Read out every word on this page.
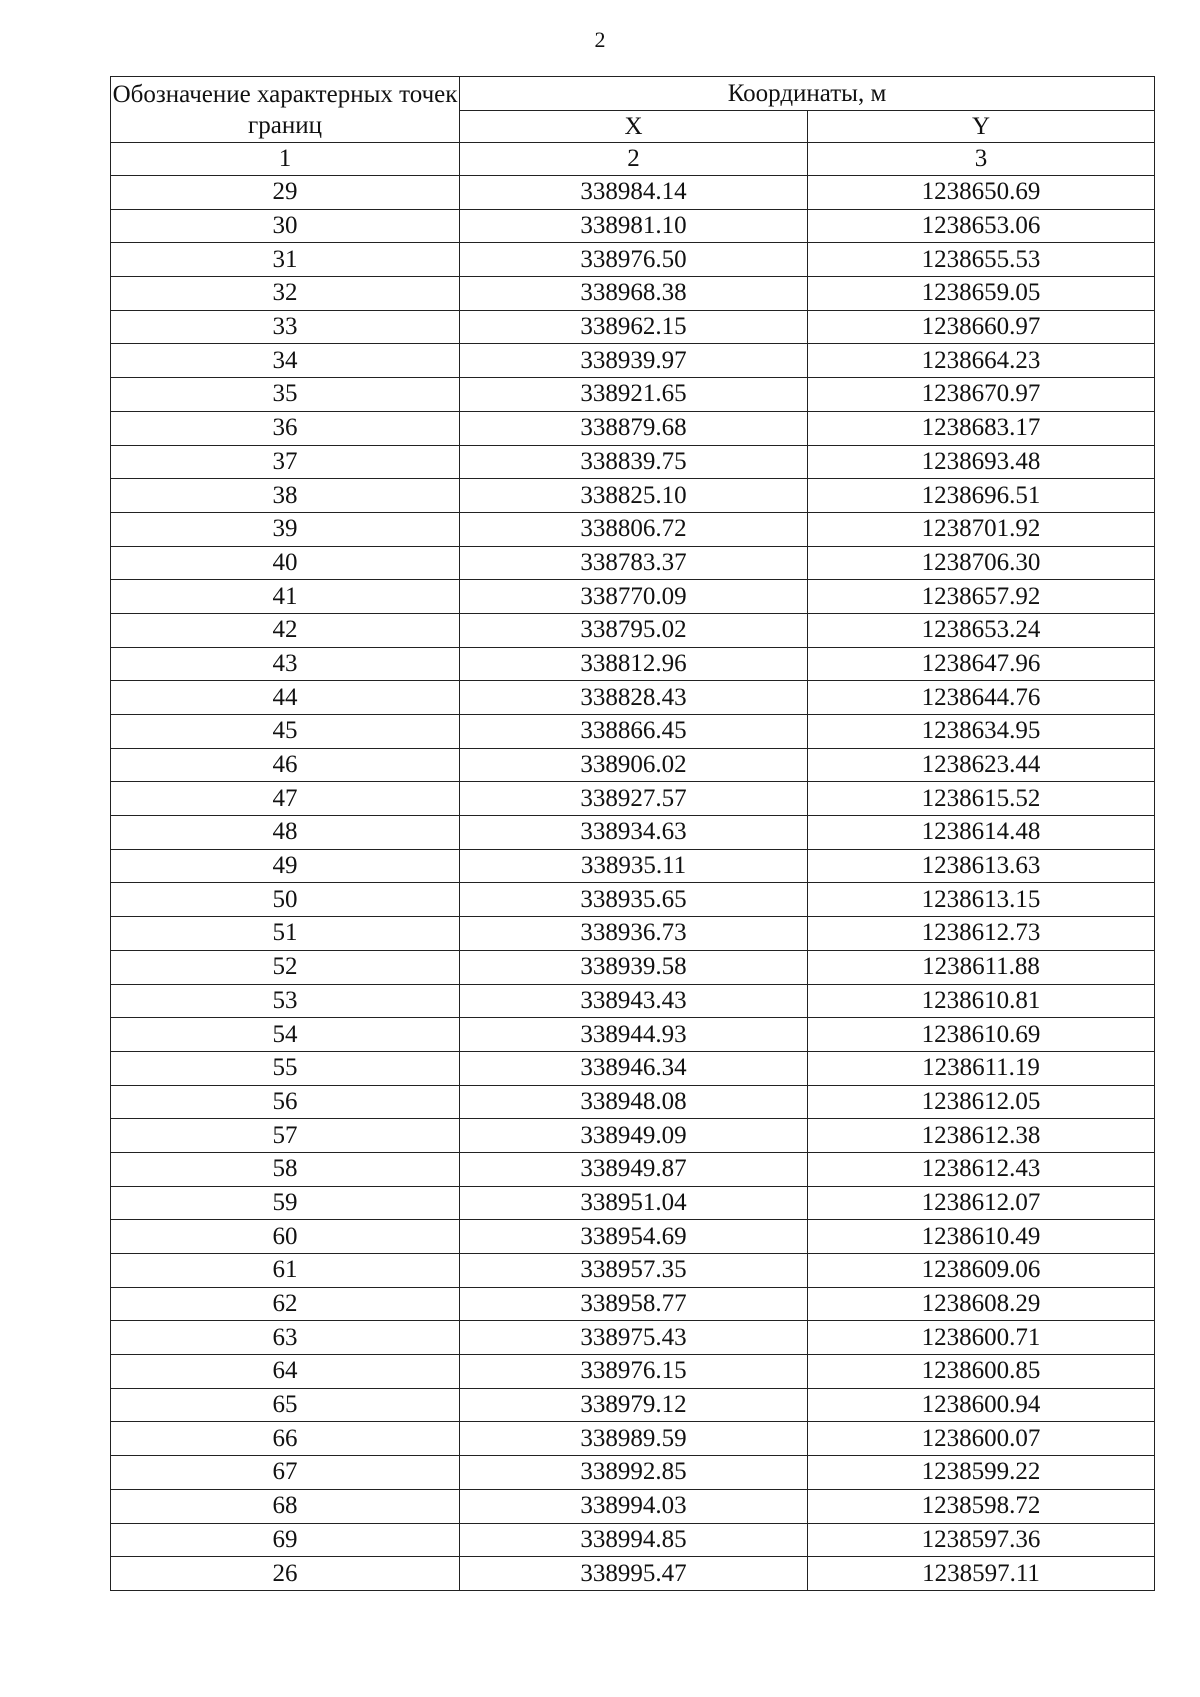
2
Обозначение характерных точек границ	Координаты, м	
	X	Y
1	2	3
29	338984.14	1238650.69
30	338981.10	1238653.06
31	338976.50	1238655.53
32	338968.38	1238659.05
33	338962.15	1238660.97
34	338939.97	1238664.23
35	338921.65	1238670.97
36	338879.68	1238683.17
37	338839.75	1238693.48
38	338825.10	1238696.51
39	338806.72	1238701.92
40	338783.37	1238706.30
41	338770.09	1238657.92
42	338795.02	1238653.24
43	338812.96	1238647.96
44	338828.43	1238644.76
45	338866.45	1238634.95
46	338906.02	1238623.44
47	338927.57	1238615.52
48	338934.63	1238614.48
49	338935.11	1238613.63
50	338935.65	1238613.15
51	338936.73	1238612.73
52	338939.58	1238611.88
53	338943.43	1238610.81
54	338944.93	1238610.69
55	338946.34	1238611.19
56	338948.08	1238612.05
57	338949.09	1238612.38
58	338949.87	1238612.43
59	338951.04	1238612.07
60	338954.69	1238610.49
61	338957.35	1238609.06
62	338958.77	1238608.29
63	338975.43	1238600.71
64	338976.15	1238600.85
65	338979.12	1238600.94
66	338989.59	1238600.07
67	338992.85	1238599.22
68	338994.03	1238598.72
69	338994.85	1238597.36
26	338995.47	1238597.11
